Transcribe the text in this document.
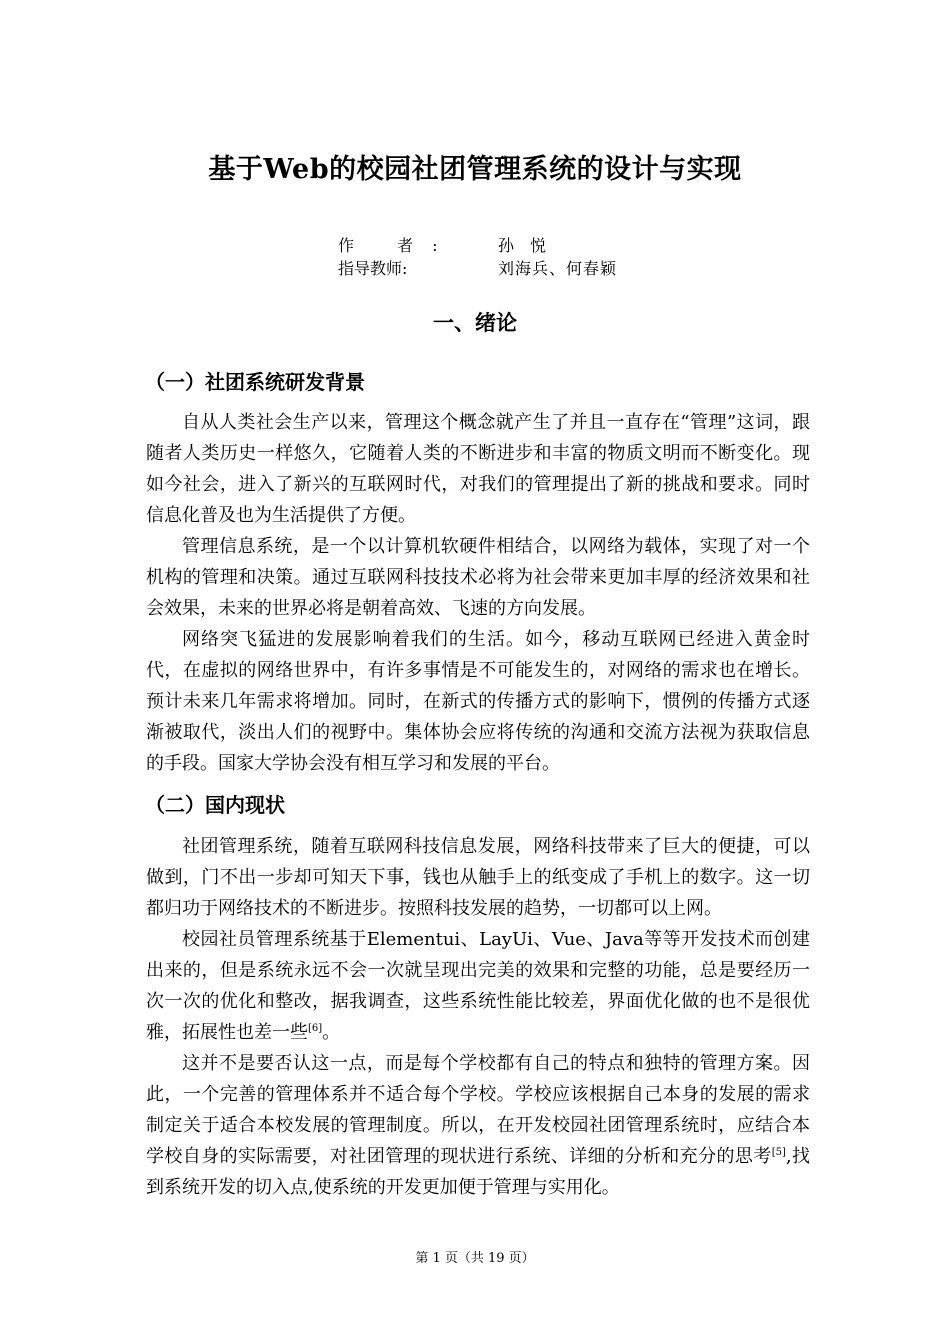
基于Web的校园社团管理系统的设计与实现
作 者:	孙悦
指导教师:	刘海兵、何春颖
一、绪论
（一）社团系统研发背景
自从人类社会生产以来，管理这个概念就产生了并且一直存在“管理”这词，跟随者人类历史一样悠久，它随着人类的不断进步和丰富的物质文明而不断变化。现如今社会，进入了新兴的互联网时代，对我们的管理提出了新的挑战和要求。同时信息化普及也为生活提供了方便。
管理信息系统，是一个以计算机软硬件相结合，以网络为载体，实现了对一个机构的管理和决策。通过互联网科技技术必将为社会带来更加丰厚的经济效果和社会效果，未来的世界必将是朝着高效、飞速的方向发展。
网络突飞猛进的发展影响着我们的生活。如今，移动互联网已经进入黄金时代，在虚拟的网络世界中，有许多事情是不可能发生的，对网络的需求也在增长。预计未来几年需求将增加。同时，在新式的传播方式的影响下，惯例的传播方式逐渐被取代，淡出人们的视野中。集体协会应将传统的沟通和交流方法视为获取信息的手段。国家大学协会没有相互学习和发展的平台。
（二）国内现状
社团管理系统，随着互联网科技信息发展，网络科技带来了巨大的便捷，可以做到，门不出一步却可知天下事，钱也从触手上的纸变成了手机上的数字。这一切都归功于网络技术的不断进步。按照科技发展的趋势，一切都可以上网。
校园社员管理系统基于Elementui、LayUi、Vue、Java等等开发技术而创建出来的，但是系统永远不会一次就呈现出完美的效果和完整的功能，总是要经历一次一次的优化和整改，据我调查，这些系统性能比较差，界面优化做的也不是很优雅，拓展性也差一些[6]。
这并不是要否认这一点，而是每个学校都有自己的特点和独特的管理方案。因此，一个完善的管理体系并不适合每个学校。学校应该根据自己本身的发展的需求制定关于适合本校发展的管理制度。所以，在开发校园社团管理系统时，应结合本学校自身的实际需要，对社团管理的现状进行系统、详细的分析和充分的思考[5],找到系统开发的切入点,使系统的开发更加便于管理与实用化。
第 1 页（共 19 页）
